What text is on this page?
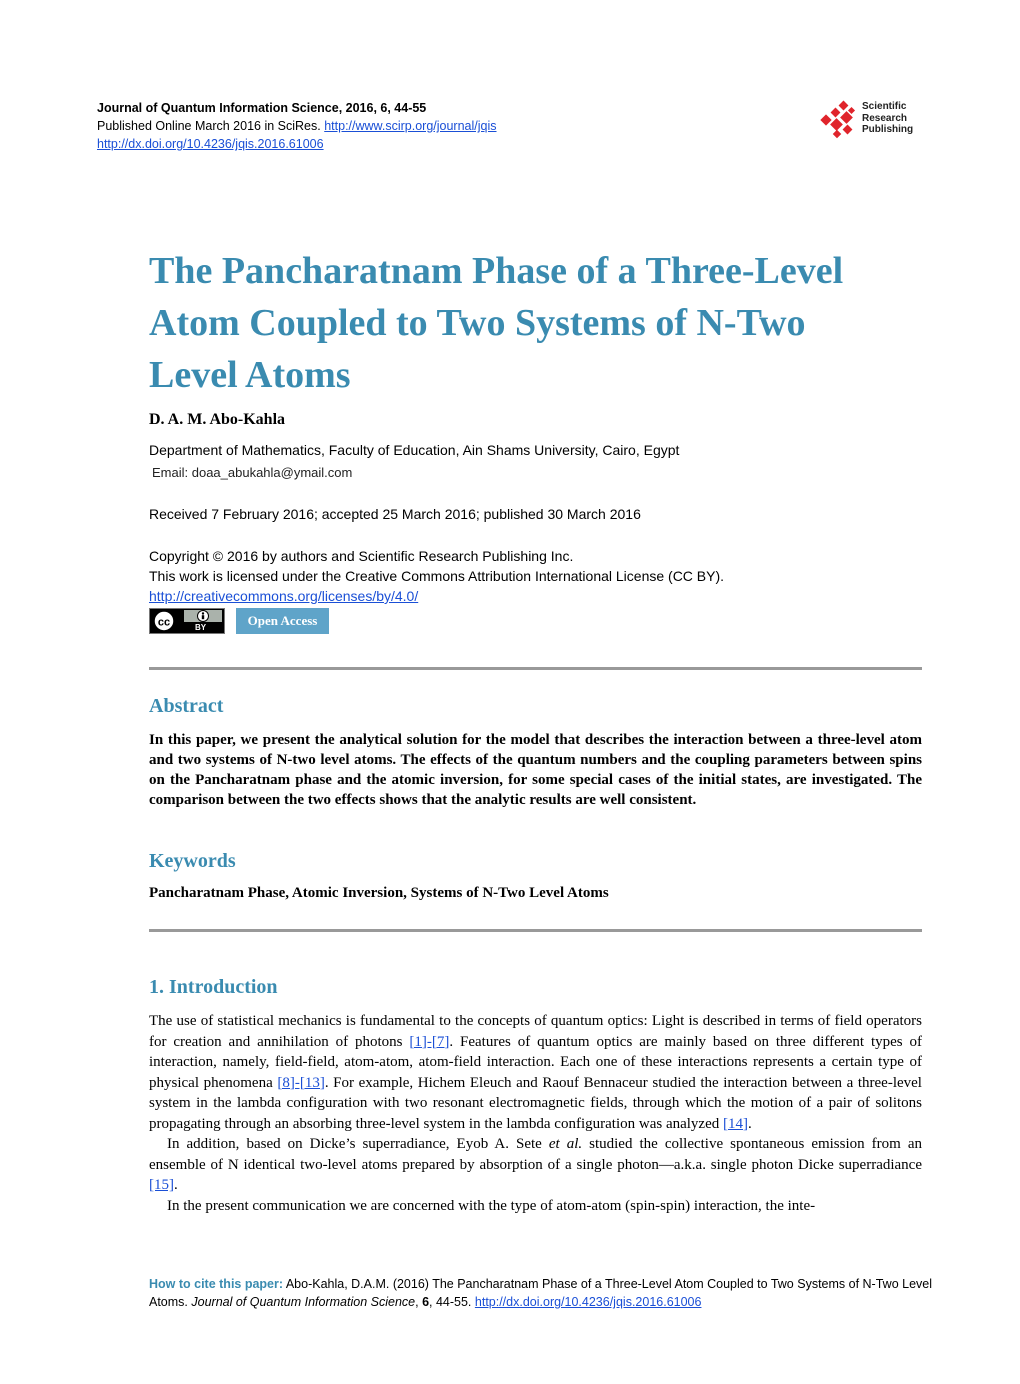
Journal of Quantum Information Science, 2016, 6, 44-55
Published Online March 2016 in SciRes. http://www.scirp.org/journal/jqis
http://dx.doi.org/10.4236/jqis.2016.61006
Scientific
Research
Publishing
The Pancharatnam Phase of a Three-Level
Atom Coupled to Two Systems of N-Two
Level Atoms
D. A. M. Abo-Kahla
Department of Mathematics, Faculty of Education, Ain Shams University, Cairo, Egypt
Email: doaa_abukahla@ymail.com
Received 7 February 2016; accepted 25 March 2016; published 30 March 2016
Copyright © 2016 by authors and Scientific Research Publishing Inc.
This work is licensed under the Creative Commons Attribution International License (CC BY).
http://creativecommons.org/licenses/by/4.0/
cc	BY	Open Access
Abstract
In this paper, we present the analytical solution for the model that describes the interaction between a three-level atom and two systems of N-two level atoms. The effects of the quantum numbers and the coupling parameters between spins on the Pancharatnam phase and the atomic inversion, for some special cases of the initial states, are investigated. The comparison between the two effects shows that the analytic results are well consistent.
Keywords
Pancharatnam Phase, Atomic Inversion, Systems of N-Two Level Atoms
1. Introduction

The use of statistical mechanics is fundamental to the concepts of quantum optics: Light is described in terms of field operators for creation and annihilation of photons [1]-[7]. Features of quantum optics are mainly based on three different types of interaction, namely, field-field, atom-atom, atom-field interaction. Each one of these interactions represents a certain type of physical phenomena [8]-[13]. For example, Hichem Eleuch and Raouf Bennaceur studied the interaction between a three-level system in the lambda configuration with two resonant electromagnetic fields, through which the motion of a pair of solitons propagating through an absorbing three-level system in the lambda configuration was analyzed [14].

In addition, based on Dicke’s superradiance, Eyob A. Sete et al. studied the collective spontaneous emission from an ensemble of N identical two-level atoms prepared by absorption of a single photon—a.k.a. single photon Dicke superradiance [15].

In the present communication we are concerned with the type of atom-atom (spin-spin) interaction, the inte-

How to cite this paper: Abo-Kahla, D.A.M. (2016) The Pancharatnam Phase of a Three-Level Atom Coupled to Two Systems of N-Two Level Atoms. Journal of Quantum Information Science, 6, 44-55. http://dx.doi.org/10.4236/jqis.2016.61006
